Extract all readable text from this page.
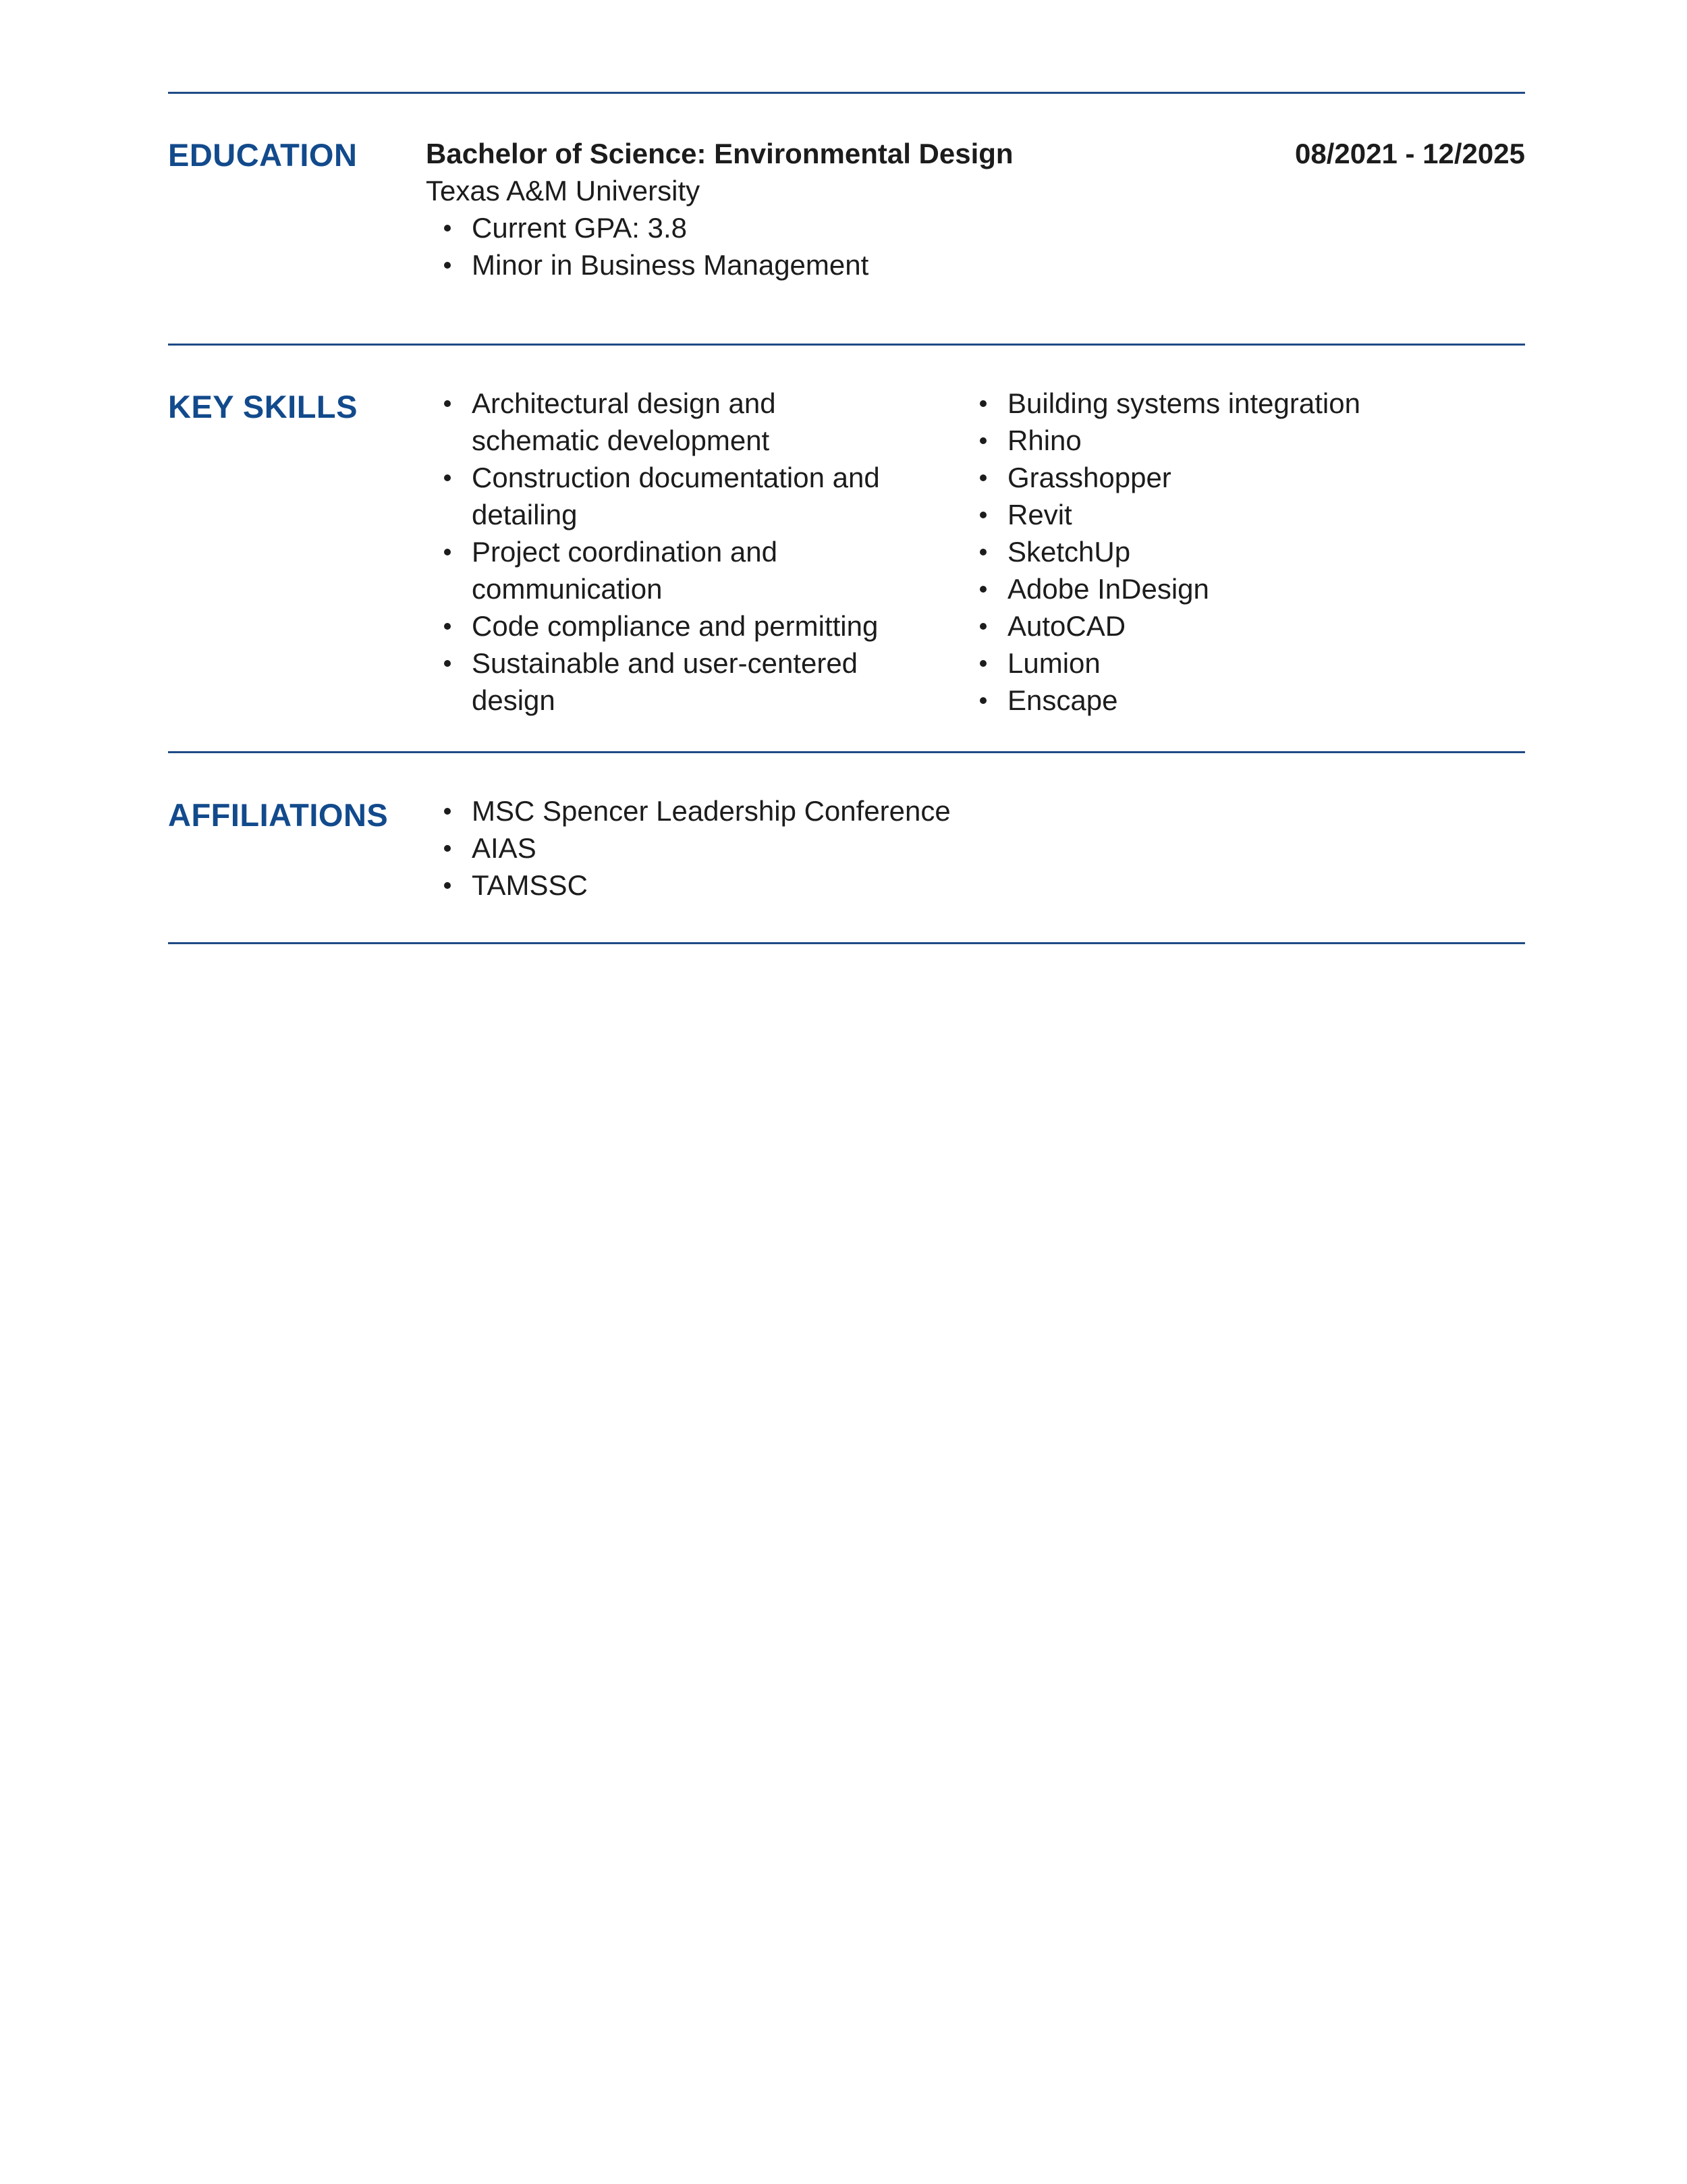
EDUCATION Bachelor of Science: Environmental Design	08/2021 - 12/2025
Texas A&M University
Current GPA: 3.8
Minor in Business Management
KEY SKILLS	Architectural design and
schematic development
Construction documentation and
detailing
Project coordination and
communication
Code compliance and permitting
Sustainable and user-centered
design
Building systems integration
Rhino
Grasshopper
Revit
SketchUp
Adobe InDesign
AutoCAD
Lumion
Enscape
AFFILIATIONS	MSC Spencer Leadership Conference
AIAS
TAMSSC
